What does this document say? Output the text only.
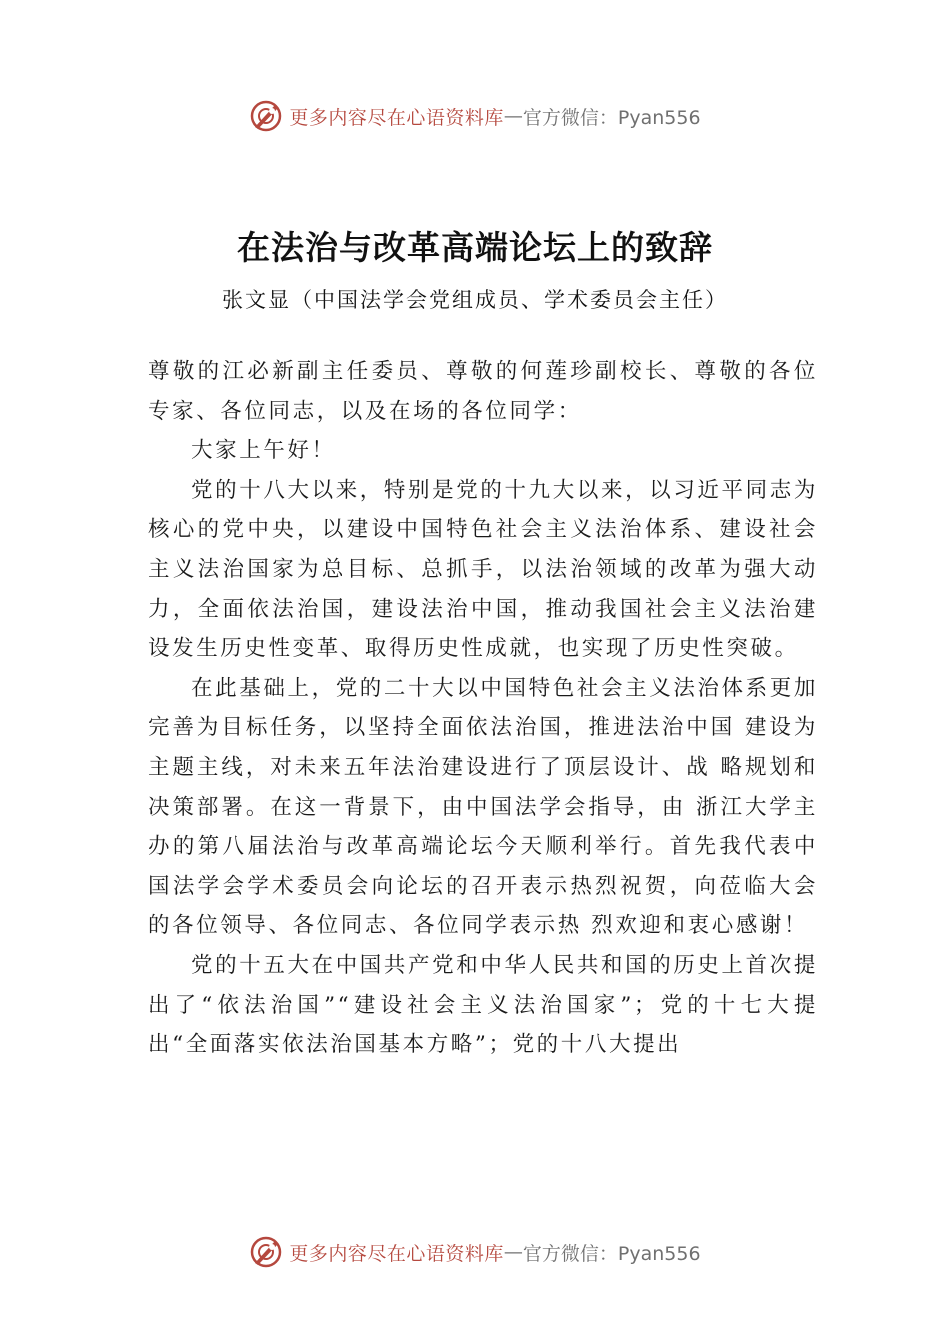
更多内容尽在心语资料库 — 官方微信：Pyan556
在法治与改革高端论坛上的致辞
张文显（中国法学会党组成员、学术委员会主任）

尊敬的江必新副主任委员、尊敬的何莲珍副校长、尊敬的各位专家、各位同志，以及在场的各位同学：

大家上午好！

党的十八大以来，特别是党的十九大以来，以习近平同志为核心的党中央，以建设中国特色社会主义法治体系、建设社会主义法治国家为总目标、总抓手，以法治领域的改革为强大动力，全面依法治国，建设法治中国，推动我国社会主义法治建设发生历史性变革、取得历史性成就，也实现了历史性突破。

在此基础上，党的二十大以中国特色社会主义法治体系更加完善为目标任务，以坚持全面依法治国，推进法治中国 建设为主题主线，对未来五年法治建设进行了顶层设计、战 略规划和决策部署。在这一背景下，由中国法学会指导，由 浙江大学主办的第八届法治与改革高端论坛今天顺利举行。首先我代表中国法学会学术委员会向论坛的召开表示热烈祝贺，向莅临大会的各位领导、各位同志、各位同学表示热 烈欢迎和衷心感谢！

党的十五大在中国共产党和中华人民共和国的历史上首次提出了“依法治国”“建设社会主义法治国家”；党的十七大提出“全面落实依法治国基本方略”；党的十八大提出

更多内容尽在心语资料库 — 官方微信：Pyan556
